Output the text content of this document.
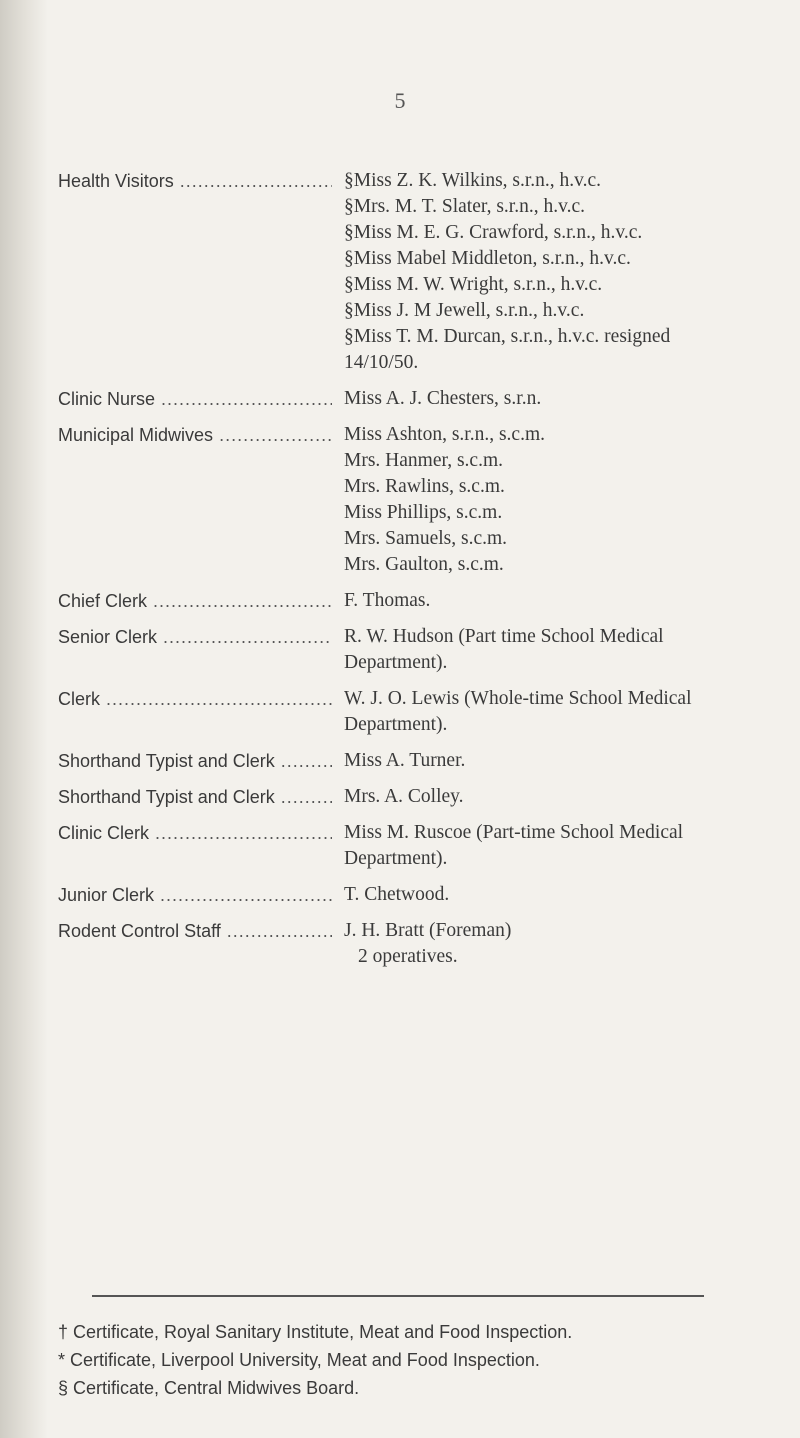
5
Health Visitors .....	§Miss Z. K. Wilkins, s.r.n., h.v.c.
§Mrs. M. T. Slater, s.r.n., h.v.c.
§Miss M. E. G. Crawford, s.r.n., h.v.c.
§Miss Mabel Middleton, s.r.n., h.v.c.
§Miss M. W. Wright, s.r.n., h.v.c.
§Miss J. M Jewell, s.r.n., h.v.c.
§Miss T. M. Durcan, s.r.n., h.v.c. resigned 14/10/50.
Clinic Nurse .....	Miss A. J. Chesters, s.r.n.
Municipal Midwives .....	Miss Ashton, s.r.n., s.c.m.
Mrs. Hanmer, s.c.m.
Mrs. Rawlins, s.c.m.
Miss Phillips, s.c.m.
Mrs. Samuels, s.c.m.
Mrs. Gaulton, s.c.m.
Chief Clerk .....	F. Thomas.
Senior Clerk .....	R. W. Hudson (Part time School Medical Department).
Clerk .....	W. J. O. Lewis (Whole-time School Medical Department).
Shorthand Typist and Clerk .....	Miss A. Turner.
Shorthand Typist and Clerk .....	Mrs. A. Colley.
Clinic Clerk .....	Miss M. Ruscoe (Part-time School Medical Department).
Junior Clerk .....	T. Chetwood.
Rodent Control Staff .....	J. H. Bratt (Foreman)
2 operatives.
† Certificate, Royal Sanitary Institute, Meat and Food Inspection.
* Certificate, Liverpool University, Meat and Food Inspection.
§ Certificate, Central Midwives Board.
